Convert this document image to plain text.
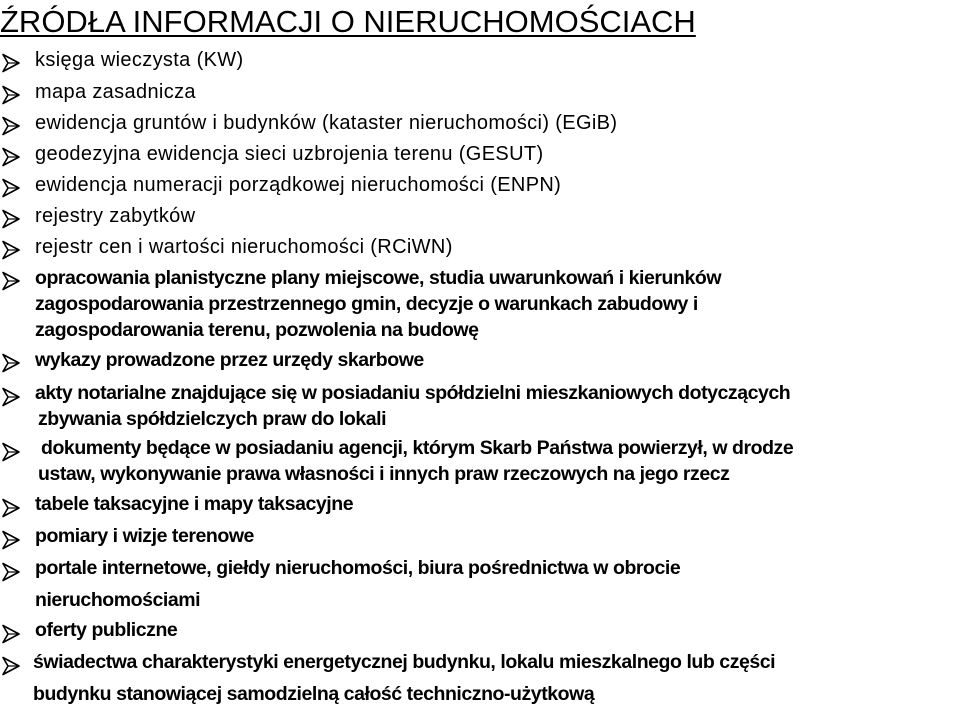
ŹRÓDŁA INFORMACJI O NIERUCHOMOŚCIACH
księga wieczysta (KW)
mapa zasadnicza
ewidencja gruntów i budynków (kataster nieruchomości) (EGiB)
geodezyjna ewidencja sieci uzbrojenia terenu (GESUT)
ewidencja numeracji porządkowej nieruchomości (ENPN)
rejestry zabytków
rejestr cen i wartości nieruchomości (RCiWN)
opracowania planistyczne plany miejscowe, studia uwarunkowań i kierunków
zagospodarowania przestrzennego gmin, decyzje o warunkach zabudowy i
zagospodarowania terenu, pozwolenia na budowę
wykazy prowadzone przez urzędy skarbowe
akty notarialne znajdujące się w posiadaniu spółdzielni mieszkaniowych dotyczących
zbywania spółdzielczych praw do lokali
dokumenty będące w posiadaniu agencji, którym Skarb Państwa powierzył, w drodze
ustaw, wykonywanie prawa własności i innych praw rzeczowych na jego rzecz
tabele taksacyjne i mapy taksacyjne
pomiary i wizje terenowe
portale internetowe, giełdy nieruchomości, biura pośrednictwa w obrocie
nieruchomościami
oferty publiczne
świadectwa charakterystyki energetycznej budynku, lokalu mieszkalnego lub części
budynku stanowiącej samodzielną całość techniczno-użytkową
